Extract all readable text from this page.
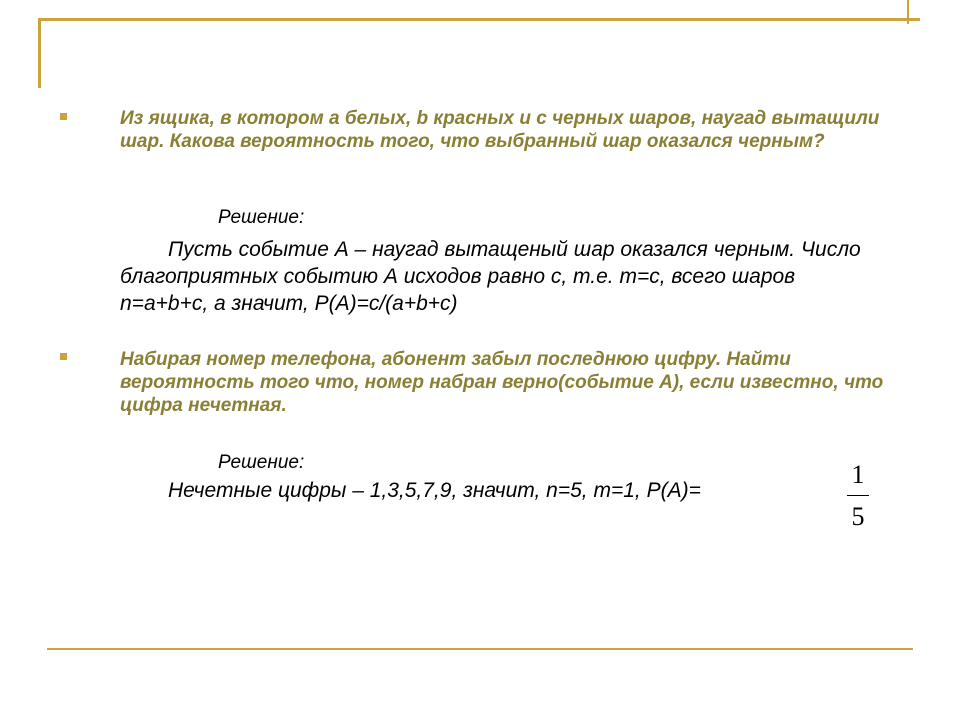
Из ящика, в котором a белых, b красных и c черных шаров, наугад вытащили шар. Какова вероятность того, что выбранный шар оказался черным?
Решение:
Пусть событие А – наугад вытащеный шар оказался черным. Число благоприятных событию А исходов равно с, т.е. m=c, всего шаров n=a+b+c, а значит, P(A)=c/(a+b+c)
Набирая номер телефона, абонент забыл последнюю цифру. Найти вероятность того что, номер набран верно(событие А), если известно, что цифра нечетная.
Решение:
Нечетные цифры – 1,3,5,7,9, значит, n=5, m=1, P(A)=
1
5
